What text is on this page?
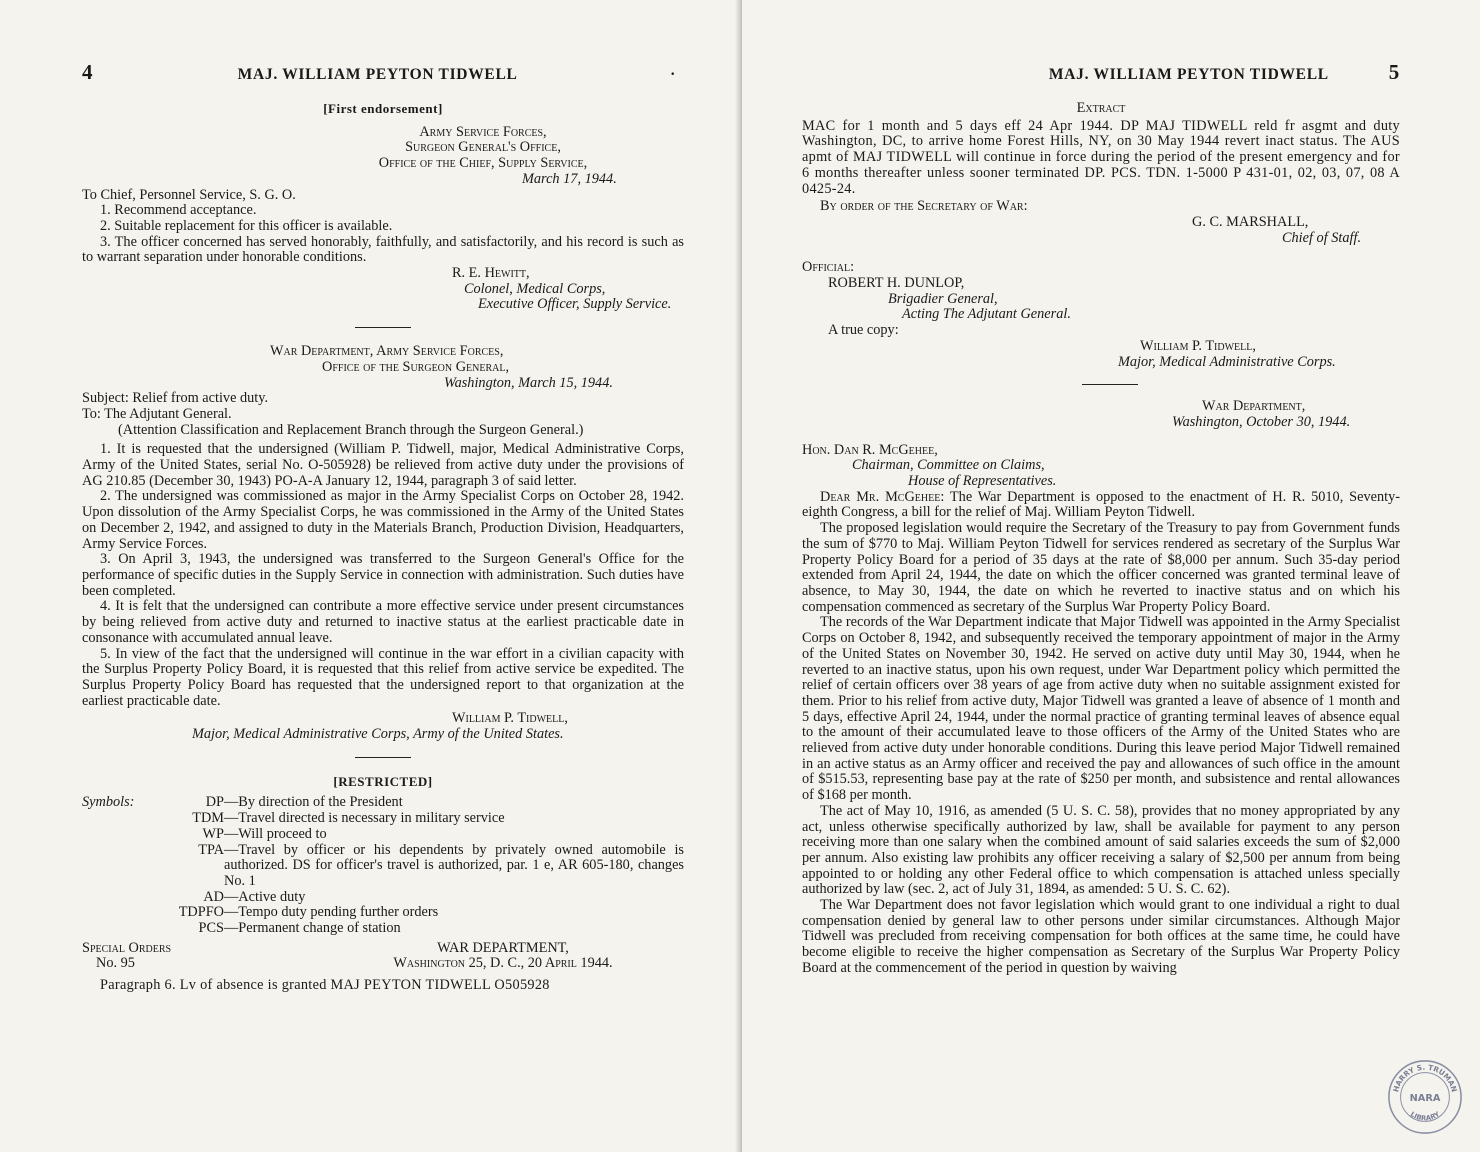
4	MAJ. WILLIAM PEYTON TIDWELL	·

[First endorsement]

Army Service Forces,

Surgeon General's Office,

Office of the Chief, Supply Service,

March 17, 1944.

To Chief, Personnel Service, S. G. O.

1. Recommend acceptance.

2. Suitable replacement for this officer is available.

3. The officer concerned has served honorably, faithfully, and satisfactorily, and his record is such as to warrant separation under honorable conditions.

R. E. Hewitt,

Colonel, Medical Corps,

Executive Officer, Supply Service.

War Department, Army Service Forces,

Office of the Surgeon General,

Washington, March 15, 1944.

Subject: Relief from active duty.

To: The Adjutant General.

(Attention Classification and Replacement Branch through the Surgeon General.)

1. It is requested that the undersigned (William P. Tidwell, major, Medical Administrative Corps, Army of the United States, serial No. O-505928) be relieved from active duty under the provisions of AG 210.85 (December 30, 1943) PO-A-A January 12, 1944, paragraph 3 of said letter.

2. The undersigned was commissioned as major in the Army Specialist Corps on October 28, 1942. Upon dissolution of the Army Specialist Corps, he was commissioned in the Army of the United States on December 2, 1942, and assigned to duty in the Materials Branch, Production Division, Headquarters, Army Service Forces.

3. On April 3, 1943, the undersigned was transferred to the Surgeon General's Office for the performance of specific duties in the Supply Service in connection with administration. Such duties have been completed.

4. It is felt that the undersigned can contribute a more effective service under present circumstances by being relieved from active duty and returned to inactive status at the earliest practicable date in consonance with accumulated annual leave.

5. In view of the fact that the undersigned will continue in the war effort in a civilian capacity with the Surplus Property Policy Board, it is requested that this relief from active service be expedited. The Surplus Property Policy Board has requested that the undersigned report to that organization at the earliest practicable date.

William P. Tidwell,

Major, Medical Administrative Corps, Army of the United States.

[RESTRICTED]

Symbols:	DP —By direction of the President
TDM —Travel directed is necessary in military service
WP —Will proceed to
TPA —Travel by officer or his dependents by privately owned automobile is authorized. DS for officer's travel is authorized, par. 1 e, AR 605-180, changes No. 1
AD —Active duty
TDPFO —Tempo duty pending further orders
PCS —Permanent change of station
Special Orders
No. 95
WAR DEPARTMENT,
Washington 25, D. C., 20 April 1944.

Paragraph 6. Lv of absence is granted MAJ PEYTON TIDWELL O505928

MAJ. WILLIAM PEYTON TIDWELL	5

Extract

MAC for 1 month and 5 days eff 24 Apr 1944. DP MAJ TIDWELL reld fr asgmt and duty Washington, DC, to arrive home Forest Hills, NY, on 30 May 1944 revert inact status. The AUS apmt of MAJ TIDWELL will continue in force during the period of the present emergency and for 6 months thereafter unless sooner terminated DP. PCS. TDN. 1-5000 P 431-01, 02, 03, 07, 08 A 0425-24.

By order of the Secretary of War:

G. C. MARSHALL,

Chief of Staff.

Official:

ROBERT H. DUNLOP,

Brigadier General,

Acting The Adjutant General.

A true copy:

William P. Tidwell,

Major, Medical Administrative Corps.

War Department,

Washington, October 30, 1944.

Hon. Dan R. McGehee,

Chairman, Committee on Claims,

House of Representatives.

Dear Mr. McGehee: The War Department is opposed to the enactment of H. R. 5010, Seventy-eighth Congress, a bill for the relief of Maj. William Peyton Tidwell.

The proposed legislation would require the Secretary of the Treasury to pay from Government funds the sum of $770 to Maj. William Peyton Tidwell for services rendered as secretary of the Surplus War Property Policy Board for a period of 35 days at the rate of $8,000 per annum. Such 35-day period extended from April 24, 1944, the date on which the officer concerned was granted terminal leave of absence, to May 30, 1944, the date on which he reverted to inactive status and on which his compensation commenced as secretary of the Surplus War Property Policy Board.

The records of the War Department indicate that Major Tidwell was appointed in the Army Specialist Corps on October 8, 1942, and subsequently received the temporary appointment of major in the Army of the United States on November 30, 1942. He served on active duty until May 30, 1944, when he reverted to an inactive status, upon his own request, under War Department policy which permitted the relief of certain officers over 38 years of age from active duty when no suitable assignment existed for them. Prior to his relief from active duty, Major Tidwell was granted a leave of absence of 1 month and 5 days, effective April 24, 1944, under the normal practice of granting terminal leaves of absence equal to the amount of their accumulated leave to those officers of the Army of the United States who are relieved from active duty under honorable conditions. During this leave period Major Tidwell remained in an active status as an Army officer and received the pay and allowances of such office in the amount of $515.53, representing base pay at the rate of $250 per month, and subsistence and rental allowances of $168 per month.

The act of May 10, 1916, as amended (5 U. S. C. 58), provides that no money appropriated by any act, unless otherwise specifically authorized by law, shall be available for payment to any person receiving more than one salary when the combined amount of said salaries exceeds the sum of $2,000 per annum. Also existing law prohibits any officer receiving a salary of $2,500 per annum from being appointed to or holding any other Federal office to which compensation is attached unless specially authorized by law (sec. 2, act of July 31, 1894, as amended: 5 U. S. C. 62).

The War Department does not favor legislation which would grant to one individual a right to dual compensation denied by general law to other persons under similar circumstances. Although Major Tidwell was precluded from receiving compensation for both offices at the same time, he could have become eligible to receive the higher compensation as Secretary of the Surplus War Property Policy Board at the commencement of the period in question by waiving

HARRY S. TRUMAN
LIBRARY
NARA
